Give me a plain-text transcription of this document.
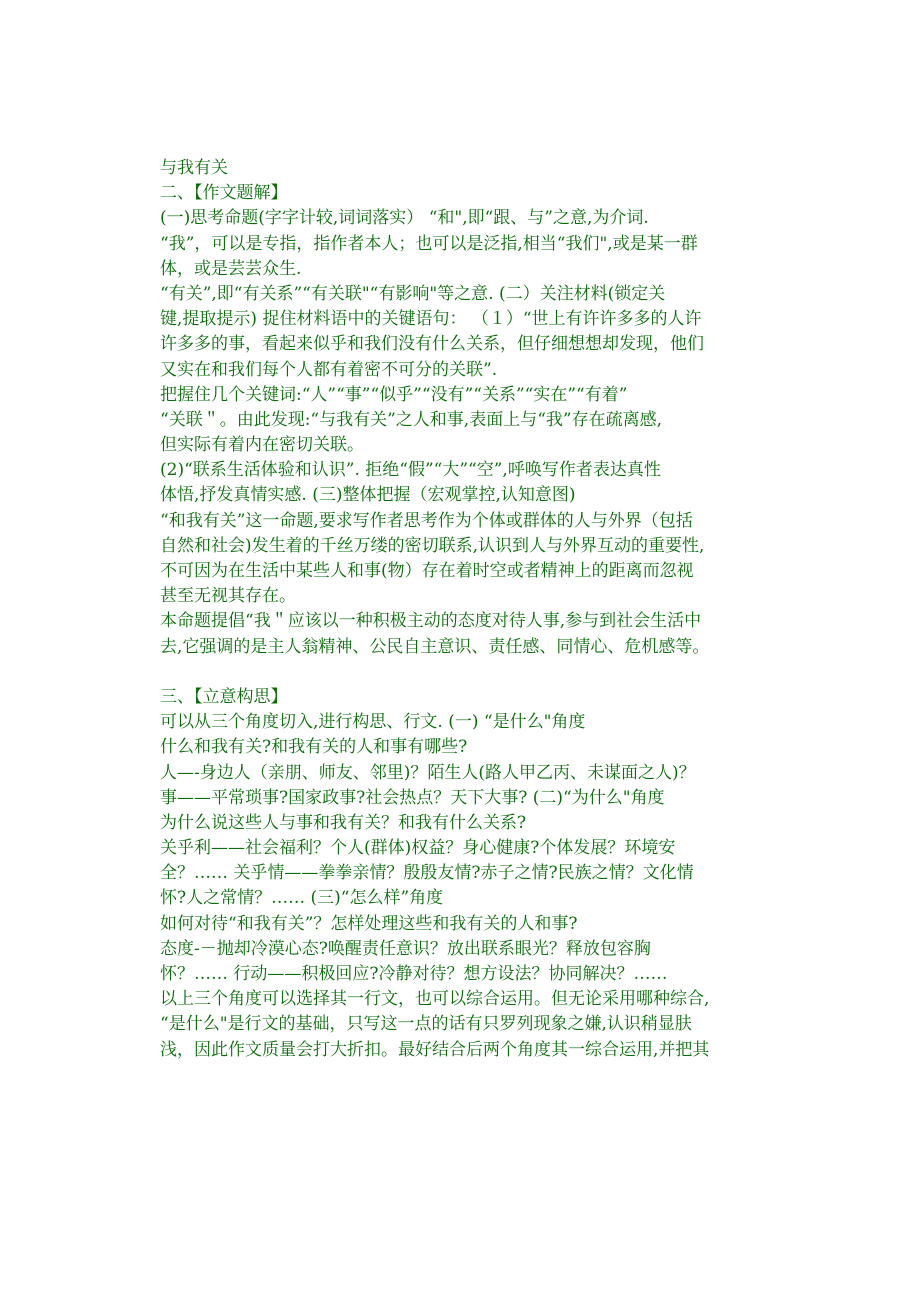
与我有关
二、【作文题解】
(一)思考命题(字字计较,词词落实） “和",即“跟、与”之意,为介词.
“我”，可以是专指，指作者本人；也可以是泛指,相当“我们",或是某一群
体，或是芸芸众生.
“有关”,即“有关系”“有关联"“有影响"等之意. (二）关注材料(锁定关
键,提取提示) 捉住材料语中的关键语句： （１）“世上有许许多多的人许
许多多的事，看起来似乎和我们没有什么关系，但仔细想想却发现，他们
又实在和我们每个人都有着密不可分的关联”.
把握住几个关键词:“人”“事”“似乎”“没有”“关系”“实在”“有着”
“关联＂。由此发现:“与我有关”之人和事,表面上与“我”存在疏离感,
但实际有着内在密切关联。
(2)“联系生活体验和认识”. 拒绝“假”“大”“空”,呼唤写作者表达真性
体悟,抒发真情实感. (三)整体把握（宏观掌控,认知意图)
“和我有关”这一命题,要求写作者思考作为个体或群体的人与外界（包括
自然和社会)发生着的千丝万缕的密切联系,认识到人与外界互动的重要性,
不可因为在生活中某些人和事(物）存在着时空或者精神上的距离而忽视
甚至无视其存在。
本命题提倡“我＂应该以一种积极主动的态度对待人事,参与到社会生活中
去,它强调的是主人翁精神、公民自主意识、责任感、同情心、危机感等。
三、【立意构思】
可以从三个角度切入,进行构思、行文. (一) “是什么"角度
什么和我有关?和我有关的人和事有哪些?
人—-身边人（亲朋、师友、邻里)？陌生人(路人甲乙丙、未谋面之人)？
事——平常琐事?国家政事?社会热点？天下大事? (二)“为什么"角度
为什么说这些人与事和我有关？和我有什么关系?
关乎利——社会福利？个人(群体)权益？身心健康?个体发展？环境安
全？…… 关乎情——拳拳亲情？殷殷友情?赤子之情?民族之情？文化情
怀?人之常情？…… (三)“怎么样”角度
如何对待“和我有关”？怎样处理这些和我有关的人和事?
态度-－抛却冷漠心态?唤醒责任意识？放出联系眼光？释放包容胸
怀？…… 行动——积极回应?冷静对待？想方设法？协同解决？……
以上三个角度可以选择其一行文，也可以综合运用。但无论采用哪种综合,
“是什么"是行文的基础，只写这一点的话有只罗列现象之嫌,认识稍显肤
浅，因此作文质量会打大折扣。最好结合后两个角度其一综合运用,并把其
